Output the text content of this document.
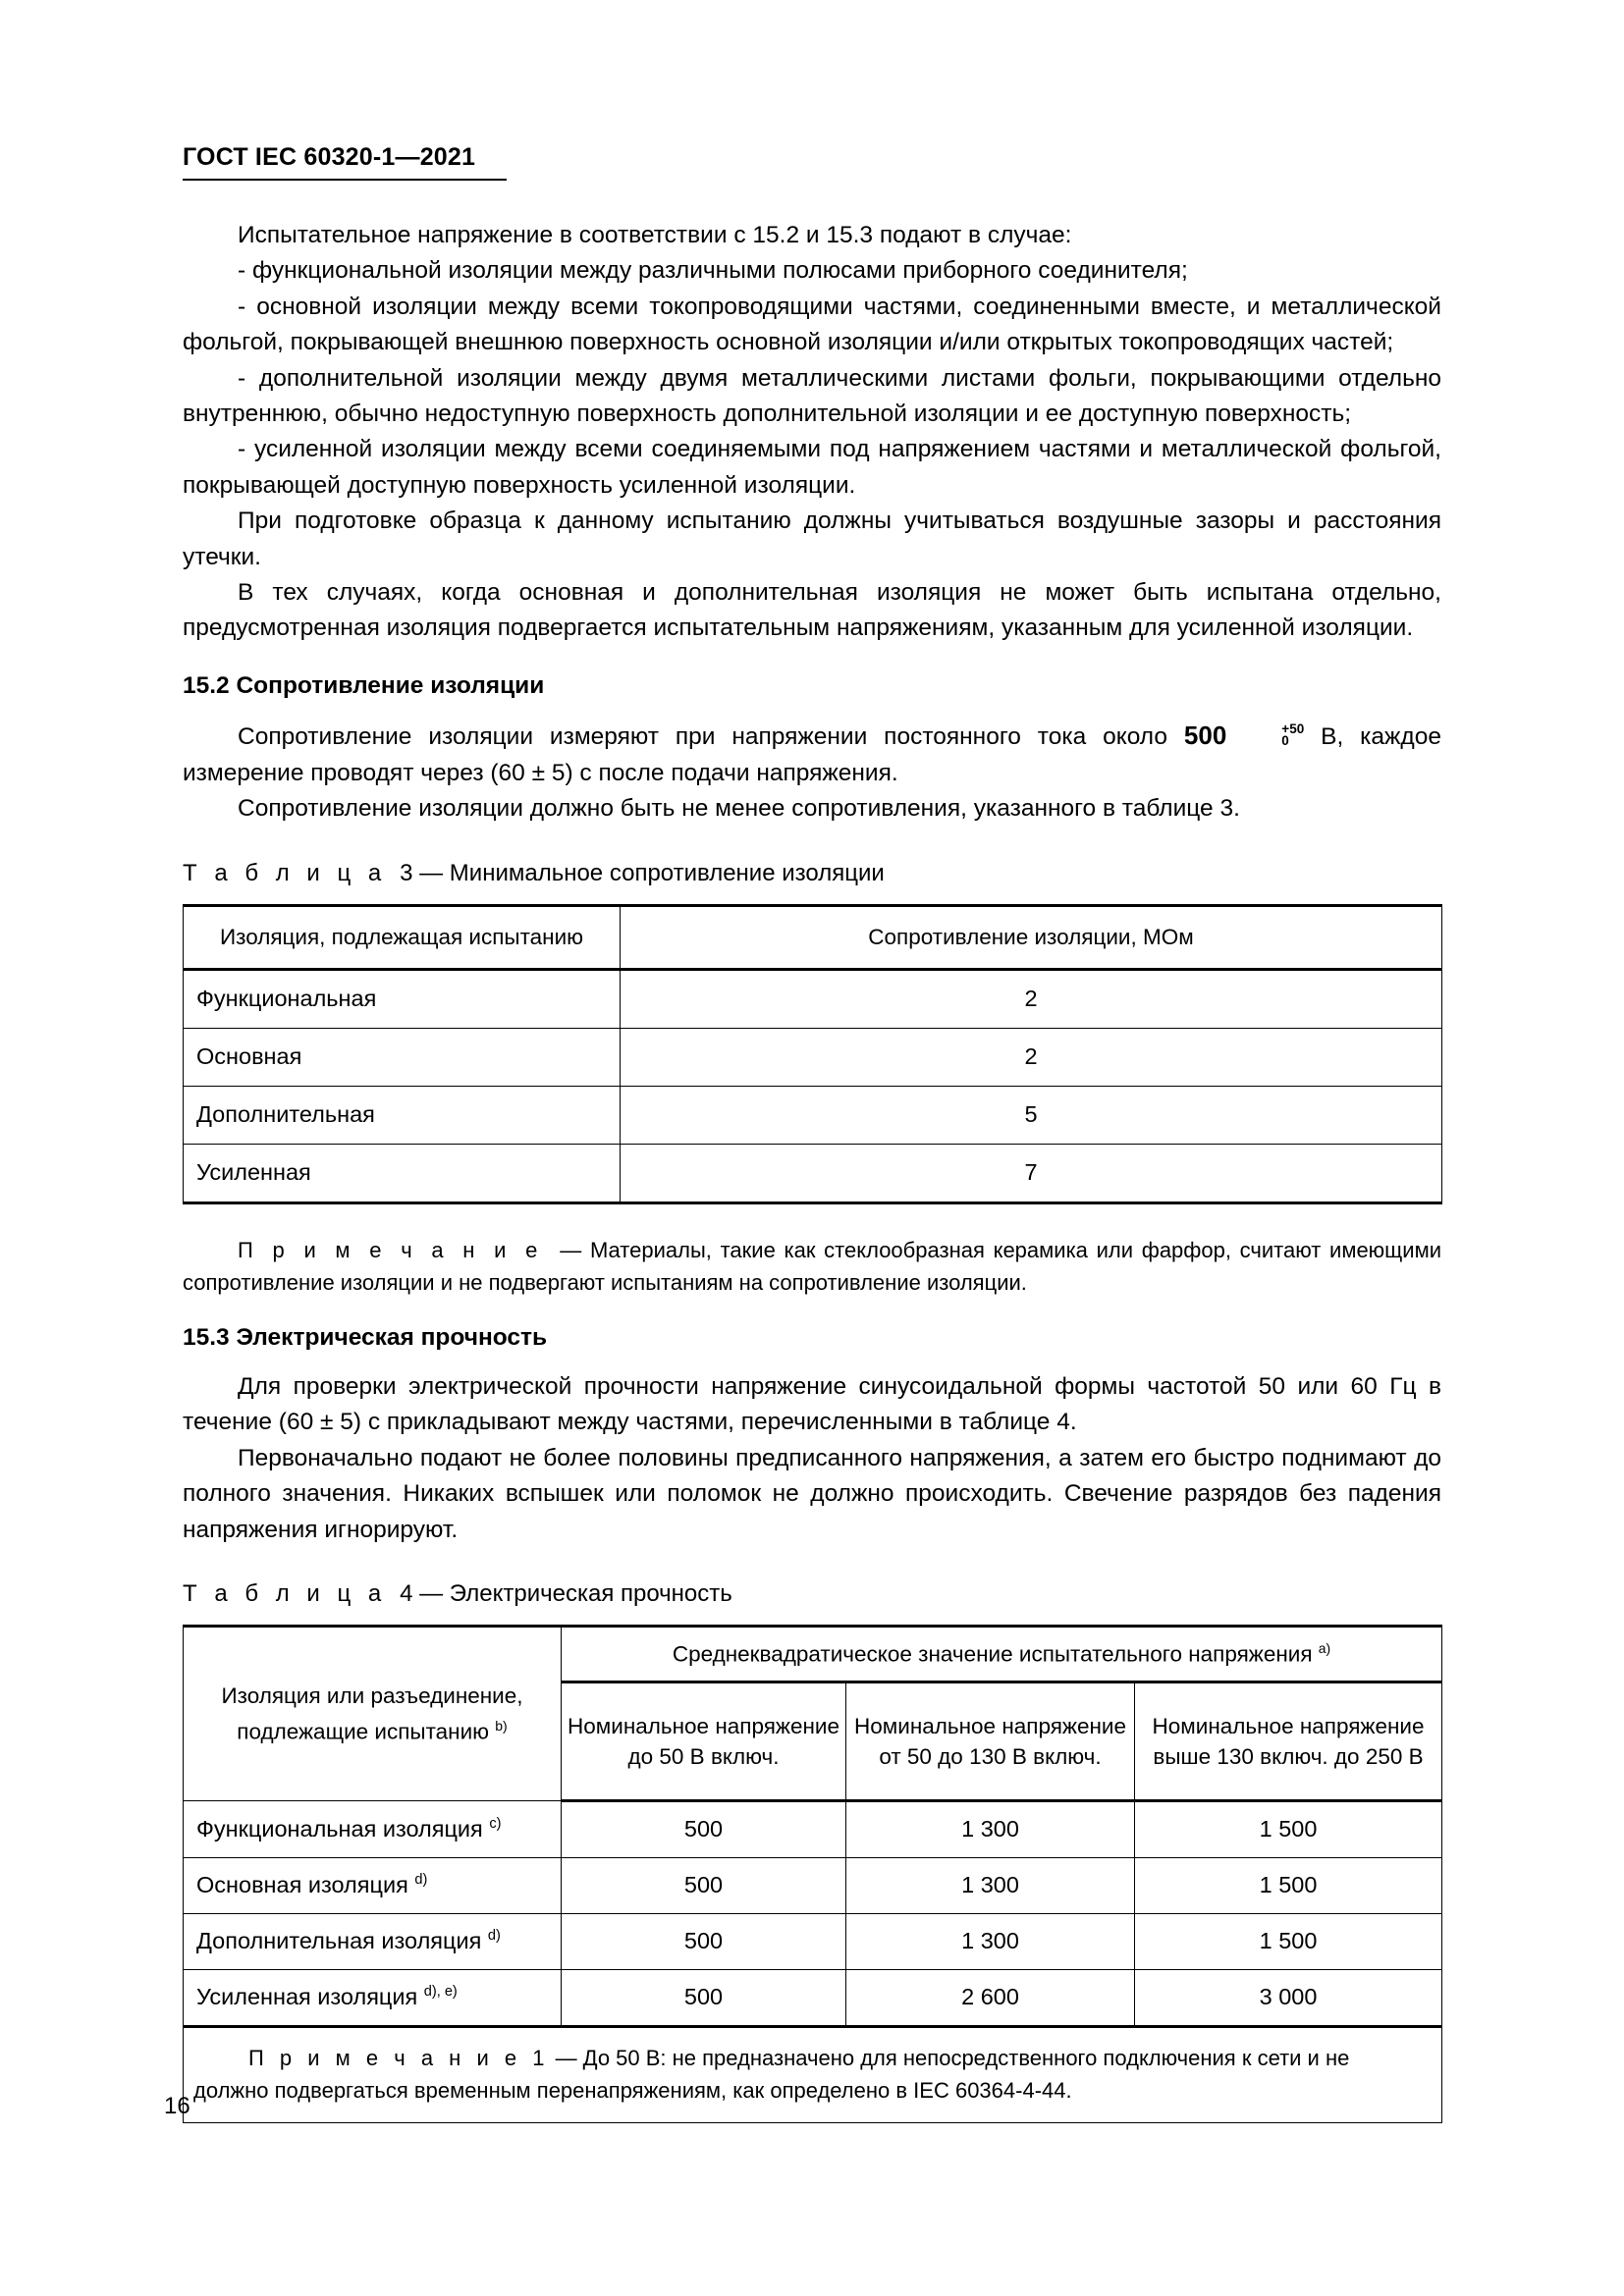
ГОСТ IEC 60320-1—2021

Испытательное напряжение в соответствии с 15.2 и 15.3 подают в случае:

- функциональной изоляции между различными полюсами приборного соединителя;

- основной изоляции между всеми токопроводящими частями, соединенными вместе, и металлической фольгой, покрывающей внешнюю поверхность основной изоляции и/или открытых токопроводящих частей;

- дополнительной изоляции между двумя металлическими листами фольги, покрывающими отдельно внутреннюю, обычно недоступную поверхность дополнительной изоляции и ее доступную поверхность;

- усиленной изоляции между всеми соединяемыми под напряжением частями и металлической фольгой, покрывающей доступную поверхность усиленной изоляции.

При подготовке образца к данному испытанию должны учитываться воздушные зазоры и расстояния утечки.

В тех случаях, когда основная и дополнительная изоляция не может быть испытана отдельно, предусмотренная изоляция подвергается испытательным напряжениям, указанным для усиленной изоляции.

15.2 Сопротивление изоляции

Сопротивление изоляции измеряют при напряжении постоянного тока около 500	+50
0 В, каждое измерение проводят через (60 ± 5) с после подачи напряжения.

Сопротивление изоляции должно быть не менее сопротивления, указанного в таблице 3.

Т а б л и ц а 3 — Минимальное сопротивление изоляции

Изоляция, подлежащая испытанию	Сопротивление изоляции, МОм
Функциональная	2
Основная	2
Дополнительная	5
Усиленная	7

П р и м е ч а н и е — Материалы, такие как стеклообразная керамика или фарфор, считают имеющими сопротивление изоляции и не подвергают испытаниям на сопротивление изоляции.

15.3 Электрическая прочность

Для проверки электрической прочности напряжение синусоидальной формы частотой 50 или 60 Гц в течение (60 ± 5) с прикладывают между частями, перечисленными в таблице 4.

Первоначально подают не более половины предписанного напряжения, а затем его быстро поднимают до полного значения. Никаких вспышек или поломок не должно происходить. Свечение разрядов без падения напряжения игнорируют.

Т а б л и ц а 4 — Электрическая прочность

Изоляция или разъединение, подлежащие испытанию $^{b)}$	Среднеквадратическое значение испытательного напряжения $^{a)}$
	Номинальное напряжение до 50 В включ.	Номинальное напряжение от 50 до 130 В включ.	Номинальное напряжение выше 130 включ. до 250 В
Функциональная изоляция $^{c)}$	500	1 300	1 500
Основная изоляция $^{d)}$	500	1 300	1 500
Дополнительная изоляция $^{d)}$	500	1 300	1 500
Усиленная изоляция $^{d), e)}$	500	2 600	3 000
П р и м е ч а н и е 1 — До 50 В: не предназначено для непосредственного подключения к сети и не должно подвергаться временным перенапряжениям, как определено в IEC 60364-4-44.			
16
